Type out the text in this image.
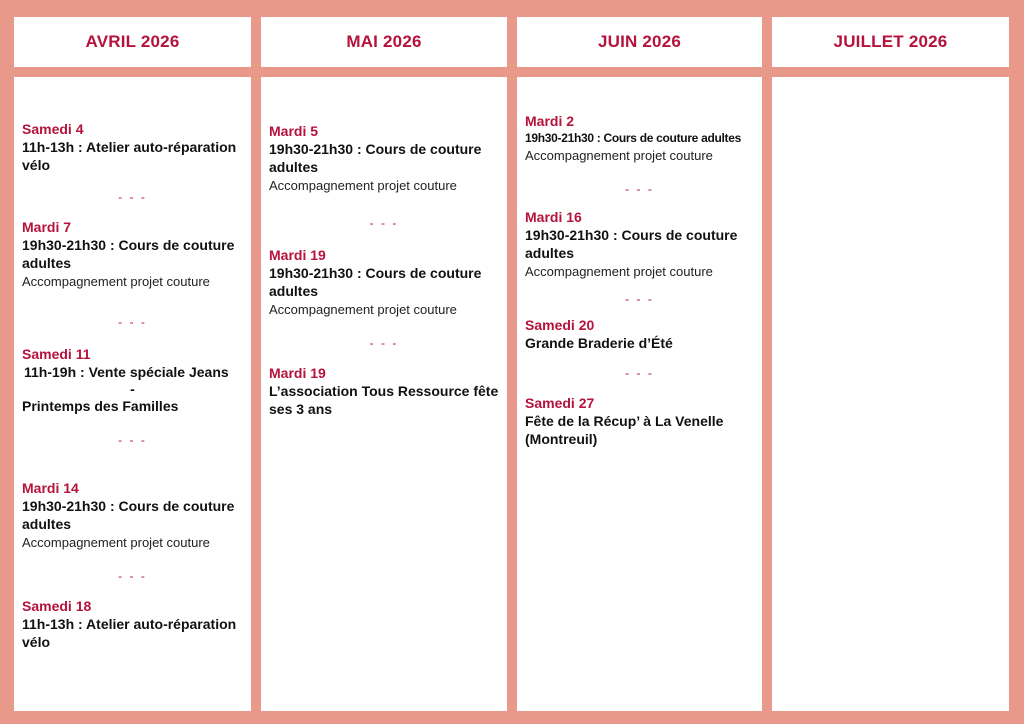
AVRIL 2026	MAI 2026	JUIN 2026	JUILLET 2026
Samedi 4
11h-13h : Atelier auto-réparation vélo
- - -
Mardi 7
19h30-21h30 : Cours de couture adultes
Accompagnement projet couture
- - -
Samedi 11
11h-19h : Vente spéciale Jeans
-
Printemps des Familles
- - -
Mardi 14
19h30-21h30 : Cours de couture adultes
Accompagnement projet couture
- - -
Samedi 18
11h-13h : Atelier auto-réparation vélo
Mardi 5
19h30-21h30 : Cours de couture adultes
Accompagnement projet couture
- - -
Mardi 19
19h30-21h30 : Cours de couture adultes
Accompagnement projet couture
- - -
Mardi 19
L’association Tous Ressource fête ses 3 ans
Mardi 2
19h30-21h30 : Cours de couture adultes
Accompagnement projet couture
- - -
Mardi 16
19h30-21h30 : Cours de couture adultes
Accompagnement projet couture
- - -
Samedi 20
Grande Braderie d’Été
- - -
Samedi 27
Fête de la Récup’ à La Venelle (Montreuil)
